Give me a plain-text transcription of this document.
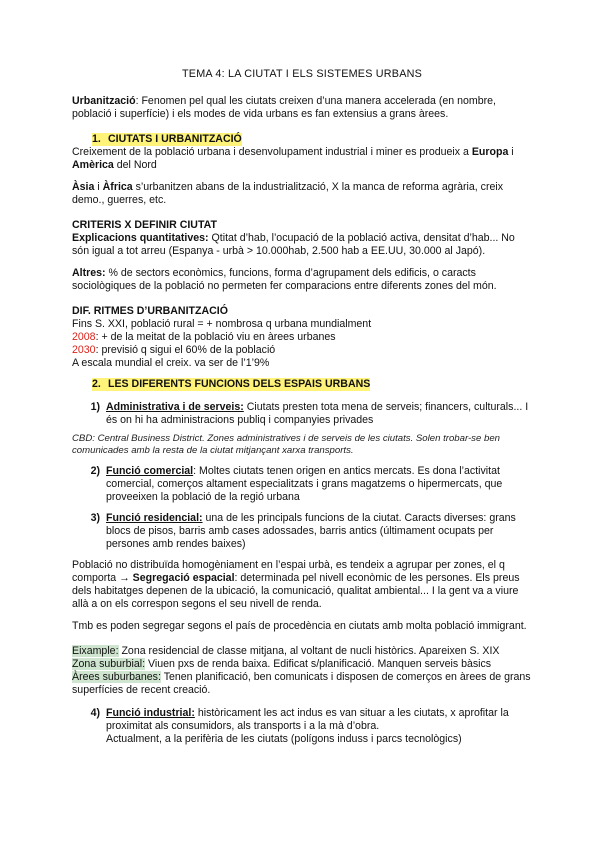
TEMA 4: LA CIUTAT I ELS SISTEMES URBANS

Urbanització: Fenomen pel qual les ciutats creixen d’una manera accelerada (en nombre, població i superfície) i els modes de vida urbans es fan extensius a grans àrees.

1. CIUTATS I URBANITZACIÓ

Creixement de la població urbana i desenvolupament industrial i miner es produeix a Europa i Amèrica del Nord

Àsia i Àfrica s’urbanitzen abans de la industrialització, X la manca de reforma agrària, creix demo., guerres, etc.

CRITERIS X DEFINIR CIUTAT

Explicacions quantitatives: Qtitat d’hab, l’ocupació de la població activa, densitat d’hab... No són igual a tot arreu (Espanya - urbà > 10.000hab, 2.500 hab a EE.UU, 30.000 al Japó).

Altres: % de sectors econòmics, funcions, forma d’agrupament dels edificis, o caracts sociològiques de la població no permeten fer comparacions entre diferents zones del món.

DIF. RITMES D’URBANITZACIÓ

Fins S. XXI, població rural = + nombrosa q urbana mundialment

2008: + de la meitat de la població viu en àrees urbanes

2030: previsió q sigui el 60% de la població

A escala mundial el creix. va ser de l’1’9%

2. LES DIFERENTS FUNCIONS DELS ESPAIS URBANS
1) Administrativa i de serveis: Ciutats presten tota mena de serveis; financers, culturals... I és on hi ha administracions publiq i companyies privades

CBD: Central Business District. Zones administratives i de serveis de les ciutats. Solen trobar-se ben comunicades amb la resta de la ciutat mitjançant xarxa transports.

2) Funció comercial: Moltes ciutats tenen origen en antics mercats. Es dona l’activitat comercial, comerços altament especialitzats i grans magatzems o hipermercats, que proveeixen la població de la regió urbana
3) Funció residencial: una de les principals funcions de la ciutat. Caracts diverses: grans blocs de pisos, barris amb cases adossades, barris antics (últimament ocupats per persones amb rendes baixes)

Població no distribuïda homogèniament en l’espai urbà, es tendeix a agrupar per zones, el q comporta → Segregació espacial: determinada pel nivell econòmic de les persones. Els preus dels habitatges depenen de la ubicació, la comunicació, qualitat ambiental... I la gent va a viure allà a on els correspon segons el seu nivell de renda.

Tmb es poden segregar segons el país de procedència en ciutats amb molta població immigrant.

Eixample: Zona residencial de classe mitjana, al voltant de nucli històrics. Apareixen S. XIX

Zona suburbial: Viuen pxs de renda baixa. Edificat s/planificació. Manquen serveis bàsics

Àrees suburbanes: Tenen planificació, ben comunicats i disposen de comerços en àrees de grans superfícies de recent creació.

4) Funció industrial: històricament les act indus es van situar a les ciutats, x aprofitar la proximitat als consumidors, als transports i a la mà d’obra.
Actualment, a la perifèria de les ciutats (polígons induss i parcs tecnològics)
